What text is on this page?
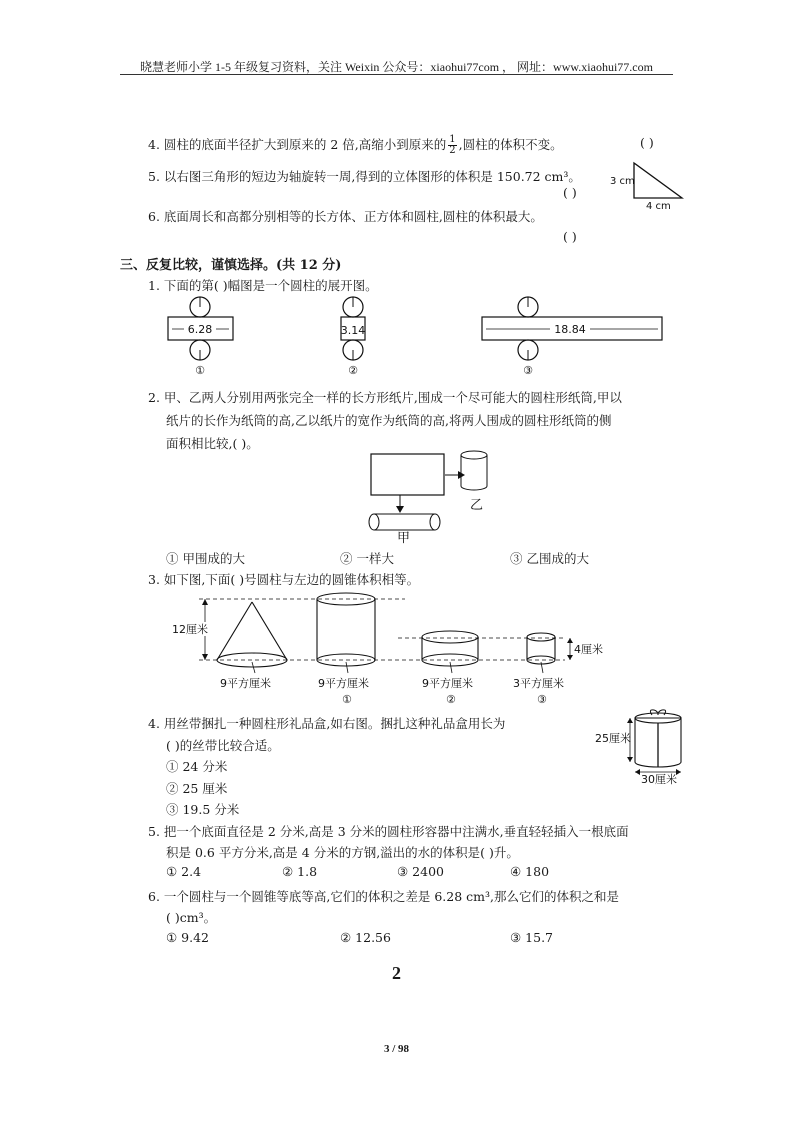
晓慧老师小学 1-5 年级复习资料，关注 Weixin 公众号：xiaohui77com ， 网址：www.xiaohui77.com
4. 圆柱的底面半径扩大到原来的 2 倍,高缩小到原来的 $\frac{1}{2}$ ,圆柱的体积不变。	( )
5. 以右图三角形的短边为轴旋转一周,得到的立体图形的体积是 150.72 cm³。
( )
3 cm
4 cm
6. 底面周长和高都分别相等的长方体、正方体和圆柱,圆柱的体积最大。
( )
三、反复比较，谨慎选择。(共 12 分)
1. 下面的第( )幅图是一个圆柱的展开图。
6.28
①
3.14
②
18.84
③
2. 甲、乙两人分别用两张完全一样的长方形纸片,围成一个尽可能大的圆柱形纸筒,甲以
纸片的长作为纸筒的高,乙以纸片的宽作为纸筒的高,将两人围成的圆柱形纸筒的侧
面积相比较,( )。
乙
甲
① 甲围成的大	② 一样大	③ 乙围成的大
3. 如下图,下面( )号圆柱与左边的圆锥体积相等。
12厘米
9平方厘米	9平方厘米
①
9平方厘米
②
3平方厘米
③
4厘米
4. 用丝带捆扎一种圆柱形礼品盒,如右图。捆扎这种礼品盒用长为
( )的丝带比较合适。
① 24 分米
② 25 厘米
③ 19.5 分米
25厘米
30厘米
5. 把一个底面直径是 2 分米,高是 3 分米的圆柱形容器中注满水,垂直轻轻插入一根底面
积是 0.6 平方分米,高是 4 分米的方钢,溢出的水的体积是( )升。
① 2.4	② 1.8	③ 2400	④ 180
6. 一个圆柱与一个圆锥等底等高,它们的体积之差是 6.28 cm³,那么它们的体积之和是
( )cm³。
① 9.42	② 12.56	③ 15.7
2
3 / 98
